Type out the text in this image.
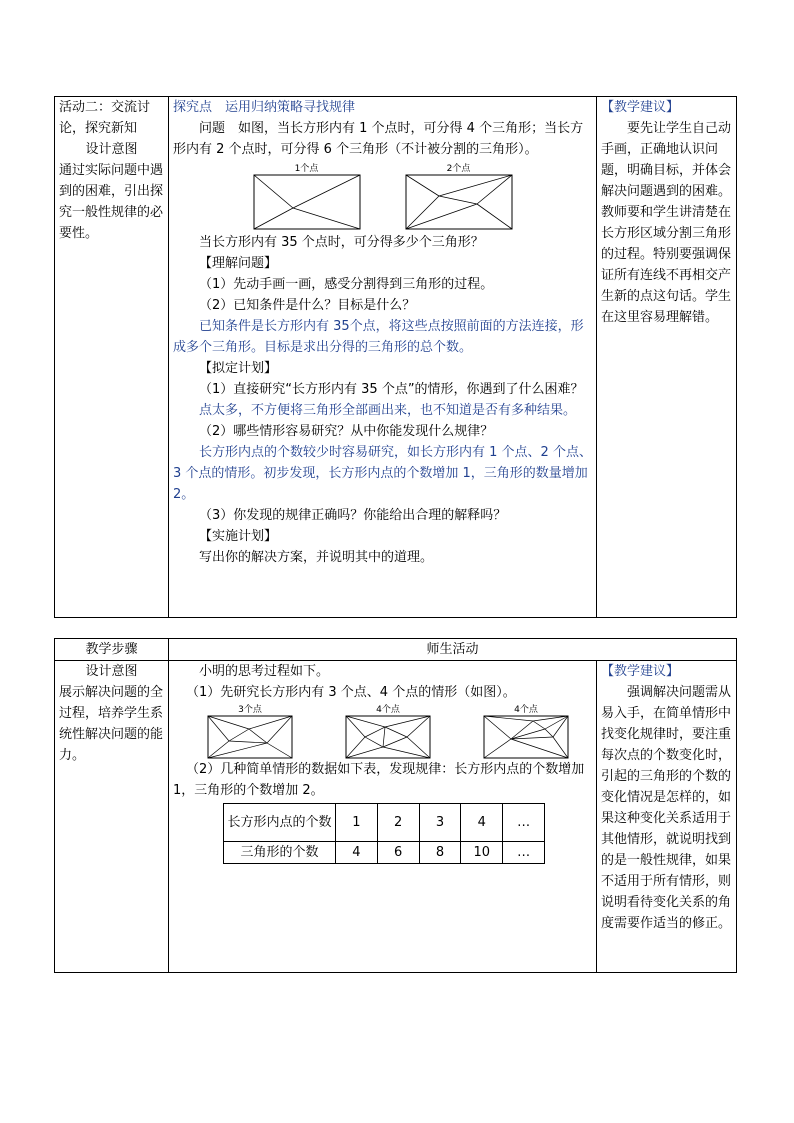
活动二：交流讨论，探究新知
设计意图
通过实际问题中遇到的困难，引出探究一般性规律的必要性。

探究点　运用归纳策略寻找规律
问题　如图，当长方形内有 1 个点时，可分得 4 个三角形；当长方形内有 2 个点时，可分得 6 个三角形（不计被分割的三角形）。
1个点	2个点
当长方形内有 35 个点时，可分得多少个三角形？
【理解问题】
（1）先动手画一画，感受分割得到三角形的过程。
（2）已知条件是什么？目标是什么？
已知条件是长方形内有 35个点，将这些点按照前面的方法连接，形成多个三角形。目标是求出分得的三角形的总个数。
【拟定计划】
（1）直接研究“长方形内有 35 个点”的情形，你遇到了什么困难？
点太多，不方便将三角形全部画出来，也不知道是否有多种结果。
（2）哪些情形容易研究？从中你能发现什么规律？
长方形内点的个数较少时容易研究，如长方形内有 1 个点、2 个点、3 个点的情形。初步发现，长方形内点的个数增加 1，三角形的数量增加 2。
（3）你发现的规律正确吗？你能给出合理的解释吗？
【实施计划】
写出你的解决方案，并说明其中的道理。

【教学建议】
要先让学生自己动手画，正确地认识问题，明确目标，并体会解决问题遇到的困难。教师要和学生讲清楚在长方形区域分割三角形的过程。特别要强调保证所有连线不再相交产生新的点这句话。学生在这里容易理解错。
教学步骤	师生活动

设计意图
展示解决问题的全过程，培养学生系统性解决问题的能力。

小明的思考过程如下。
（1）先研究长方形内有 3 个点、4 个点的情形（如图）。
3个点	4个点	4个点
（2）几种简单情形的数据如下表，发现规律：长方形内点的个数增加 1，三角形的个数增加 2。
长方形内点的个数	1	2	3	4	…
三角形的个数	4	6	8	10	…

【教学建议】
强调解决问题需从易入手，在简单情形中找变化规律时，要注重每次点的个数变化时，引起的三角形的个数的变化情况是怎样的，如果这种变化关系适用于其他情形，就说明找到的是一般性规律，如果不适用于所有情形，则说明看待变化关系的角度需要作适当的修正。
